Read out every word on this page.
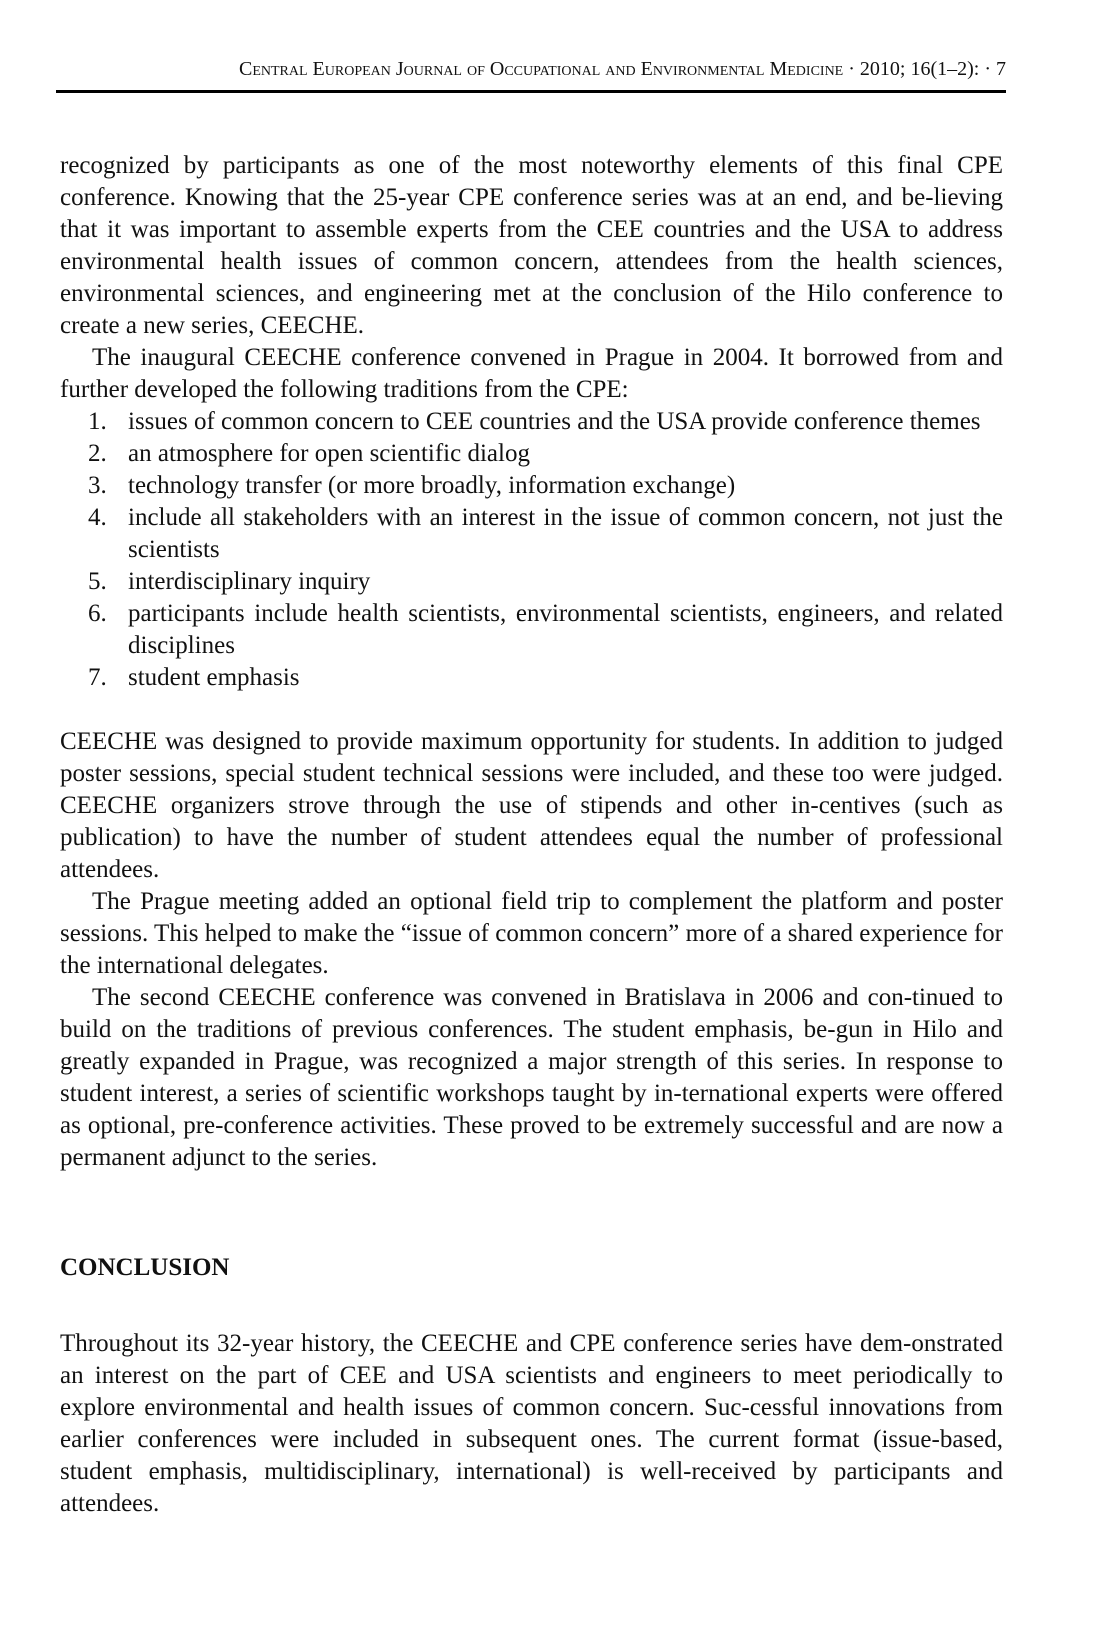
Central European Journal of Occupational and Environmental Medicine · 2010; 16(1–2): · 7

recognized by participants as one of the most noteworthy elements of this final CPE conference. Knowing that the 25-year CPE conference series was at an end, and be-lieving that it was important to assemble experts from the CEE countries and the USA to address environmental health issues of common concern, attendees from the health sciences, environmental sciences, and engineering met at the conclusion of the Hilo conference to create a new series, CEECHE.

The inaugural CEECHE conference convened in Prague in 2004. It borrowed from and further developed the following traditions from the CPE:

1. issues of common concern to CEE countries and the USA provide conference themes
2. an atmosphere for open scientific dialog
3. technology transfer (or more broadly, information exchange)
4. include all stakeholders with an interest in the issue of common concern, not just the scientists
5. interdisciplinary inquiry
6. participants include health scientists, environmental scientists, engineers, and related disciplines
7. student emphasis

CEECHE was designed to provide maximum opportunity for students. In addition to judged poster sessions, special student technical sessions were included, and these too were judged. CEECHE organizers strove through the use of stipends and other in-centives (such as publication) to have the number of student attendees equal the number of professional attendees.

The Prague meeting added an optional field trip to complement the platform and poster sessions. This helped to make the “issue of common concern” more of a shared experience for the international delegates.

The second CEECHE conference was convened in Bratislava in 2006 and con-tinued to build on the traditions of previous conferences. The student emphasis, be-gun in Hilo and greatly expanded in Prague, was recognized a major strength of this series. In response to student interest, a series of scientific workshops taught by in-ternational experts were offered as optional, pre-conference activities. These proved to be extremely successful and are now a permanent adjunct to the series.

CONCLUSION

Throughout its 32-year history, the CEECHE and CPE conference series have dem-onstrated an interest on the part of CEE and USA scientists and engineers to meet periodically to explore environmental and health issues of common concern. Suc-cessful innovations from earlier conferences were included in subsequent ones. The current format (issue-based, student emphasis, multidisciplinary, international) is well-received by participants and attendees.
